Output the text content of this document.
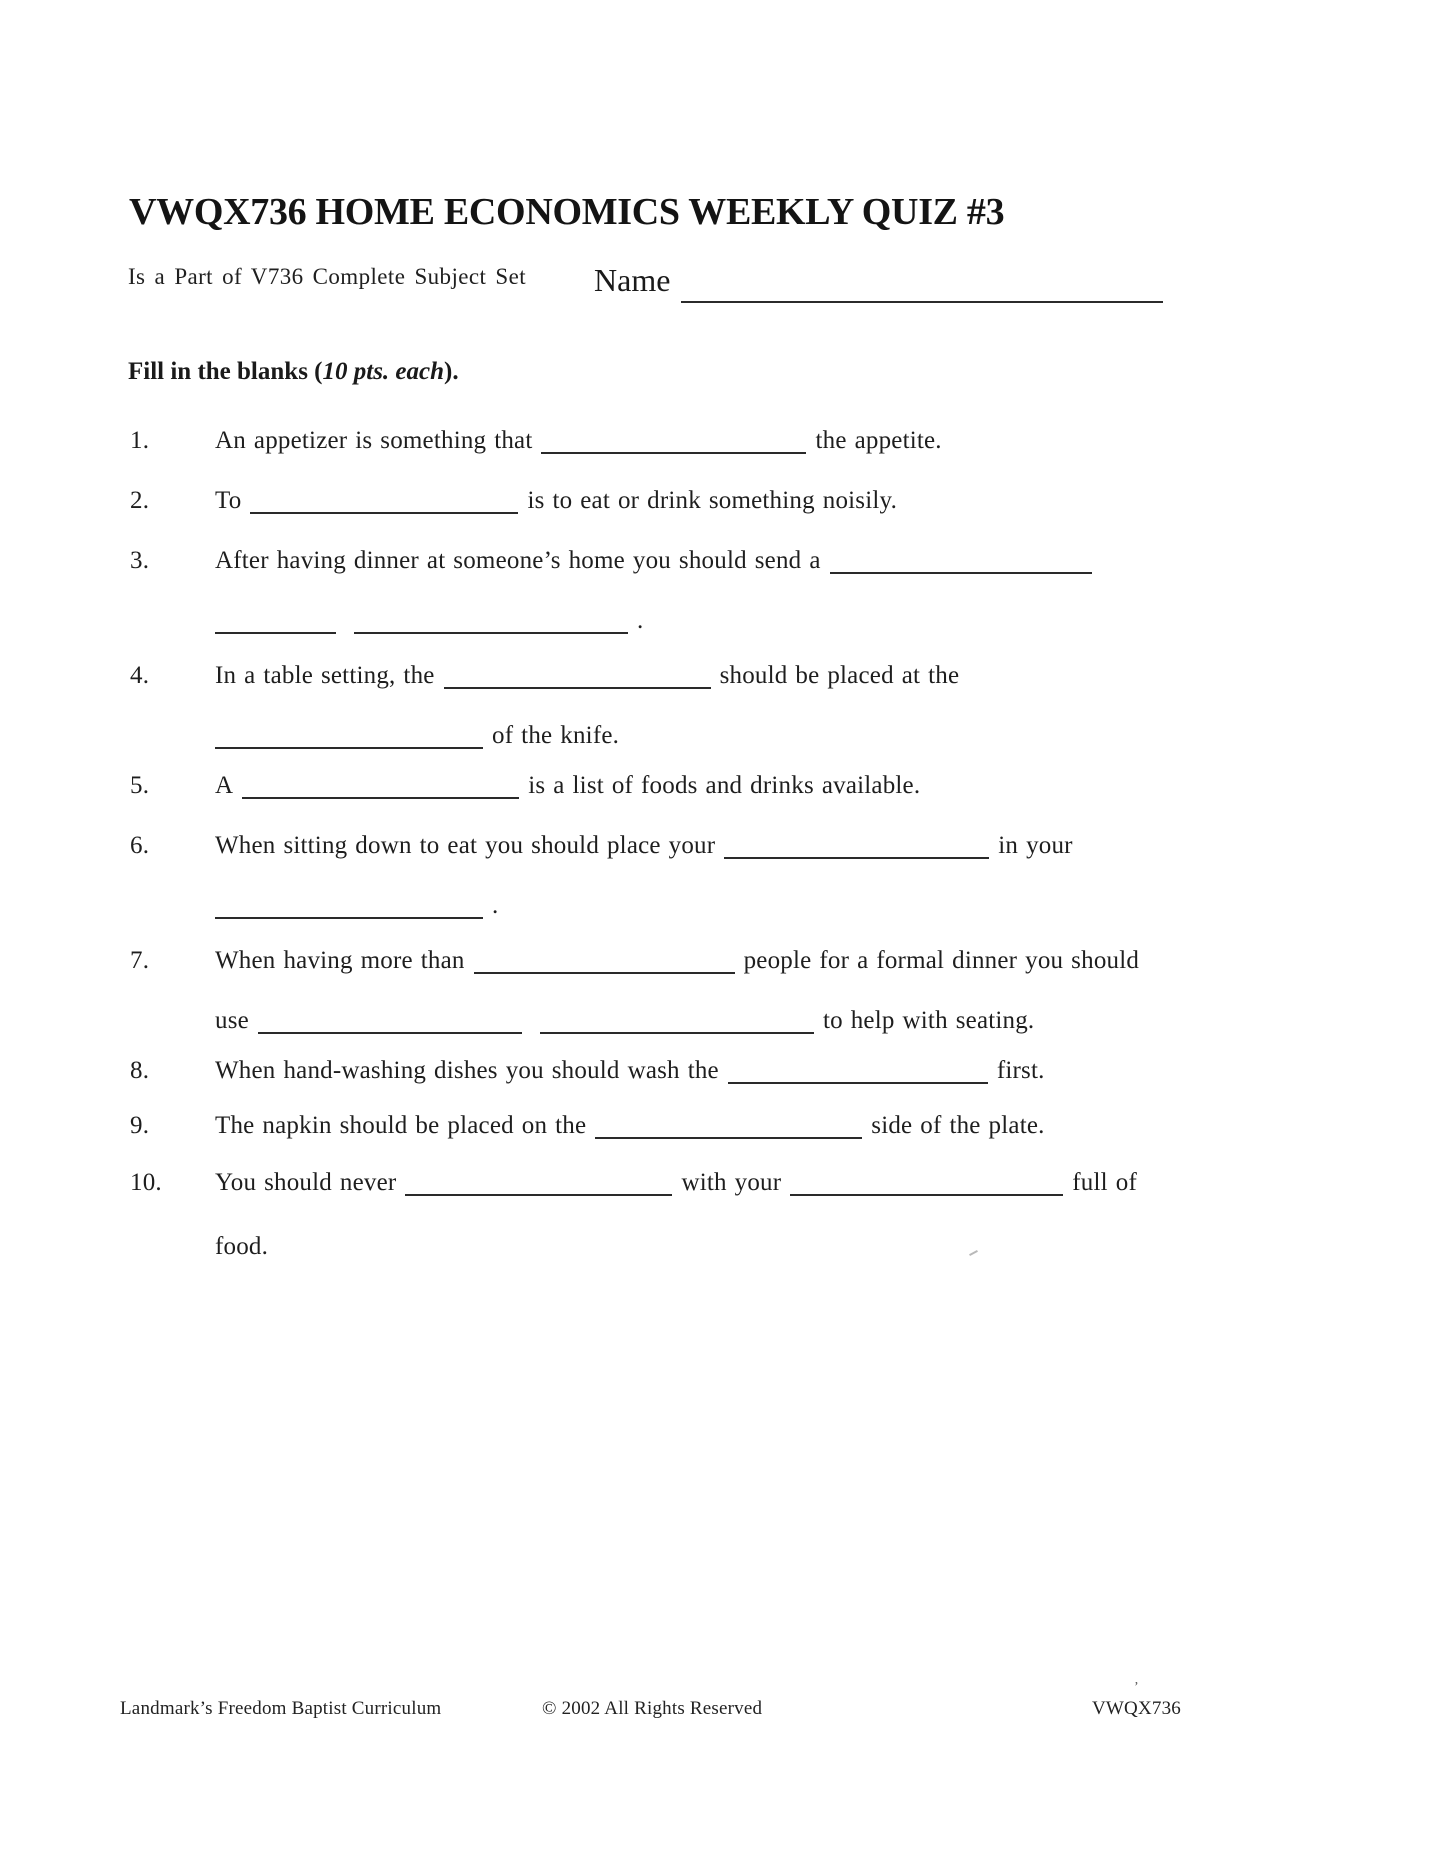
VWQX736 HOME ECONOMICS WEEKLY QUIZ #3
Is a Part of V736 Complete Subject Set Name
Fill in the blanks (10 pts. each).
1.	An appetizer is something that	the appetite.
2.	To	is to eat or drink something noisily.
3.	After having dinner at someone’s home you should send a
.
4.	In a table setting, the	should be placed at the
of the knife.
5.	A	is a list of foods and drinks available.
6.	When sitting down to eat you should place your	in your
.
7.	When having more than	people for a formal dinner you should
use	to help with seating.
8.	When hand-washing dishes you should wash the	first.
9.	The napkin should be placed on the	side of the plate.
10. You should never	with your	full of
food.
Landmark’s Freedom Baptist Curriculum	© 2002 All Rights Reserved	VWQX736
’
